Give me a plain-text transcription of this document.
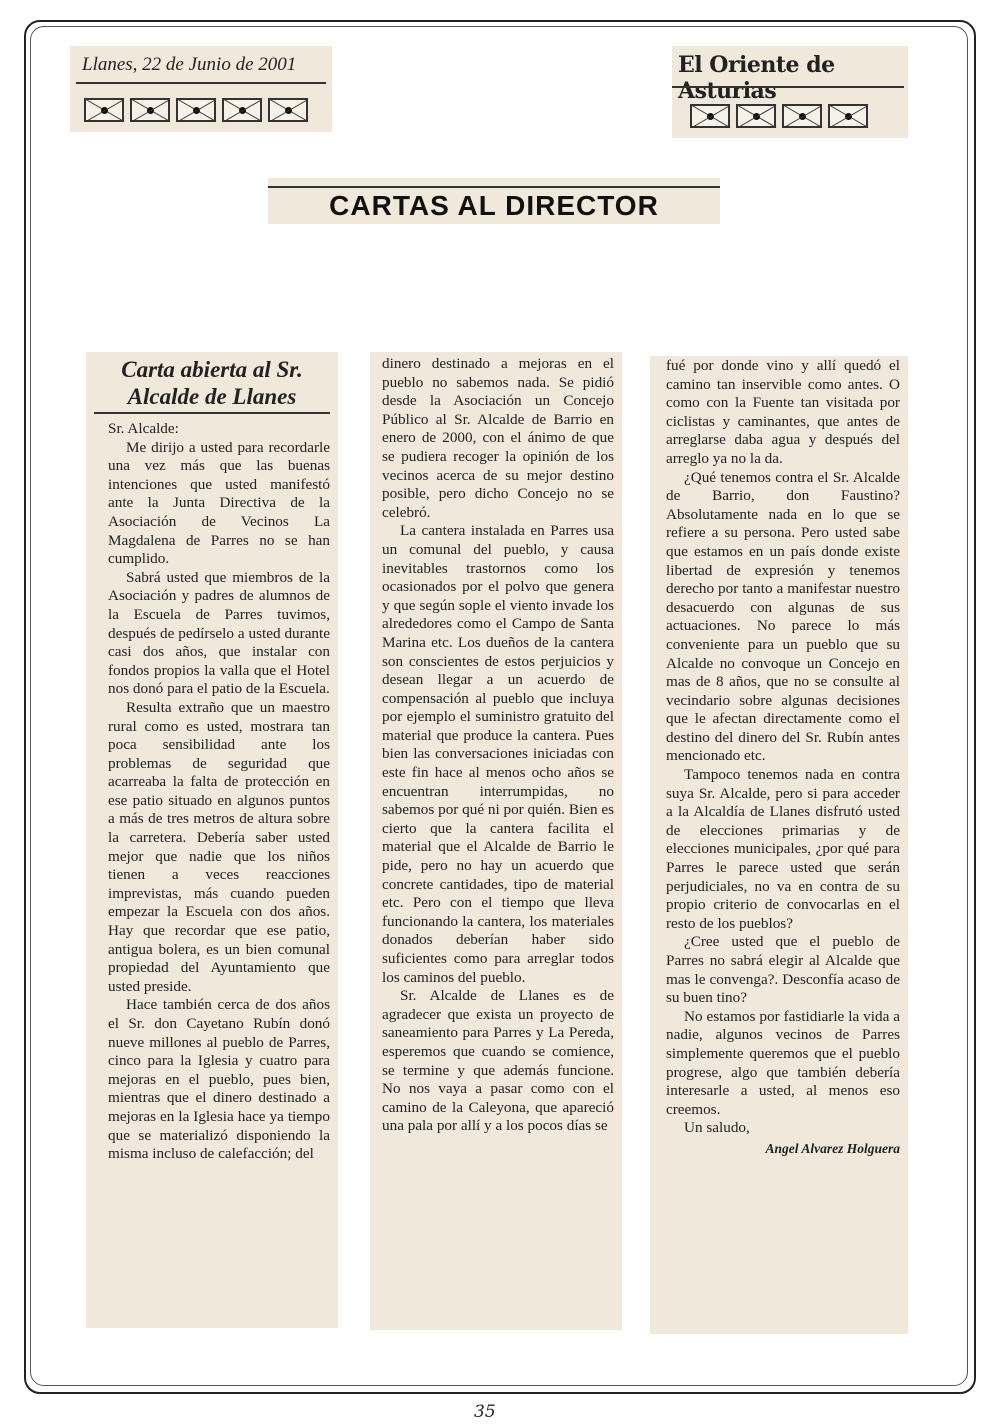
Llanes, 22 de Junio de 2001	El Oriente de Asturias
CARTAS AL DIRECTOR
Carta abierta al Sr. Alcalde de Llanes

Sr. Alcalde:

Me dirijo a usted para recordarle una vez más que las buenas intenciones que usted manifestó ante la Junta Directiva de la Asociación de Vecinos La Magdalena de Parres no se han cumplido.

Sabrá usted que miembros de la Asociación y padres de alumnos de la Escuela de Parres tuvimos, después de pedírselo a usted durante casi dos años, que instalar con fondos propios la valla que el Hotel nos donó para el patio de la Escuela.

Resulta extraño que un maestro rural como es usted, mostrara tan poca sensibilidad ante los problemas de seguridad que acarreaba la falta de protección en ese patio situado en algunos puntos a más de tres metros de altura sobre la carretera. Debería saber usted mejor que nadie que los niños tienen a veces reacciones imprevistas, más cuando pueden empezar la Escuela con dos años. Hay que recordar que ese patio, antigua bolera, es un bien comunal propiedad del Ayuntamiento que usted preside.

Hace también cerca de dos años el Sr. don Cayetano Rubín donó nueve millones al pueblo de Parres, cinco para la Iglesia y cuatro para mejoras en el pueblo, pues bien, mientras que el dinero destinado a mejoras en la Iglesia hace ya tiempo que se materializó disponiendo la misma incluso de calefacción; del

dinero destinado a mejoras en el pueblo no sabemos nada. Se pidió desde la Asociación un Concejo Público al Sr. Alcalde de Barrio en enero de 2000, con el ánimo de que se pudiera recoger la opinión de los vecinos acerca de su mejor destino posible, pero dicho Concejo no se celebró.

La cantera instalada en Parres usa un comunal del pueblo, y causa inevitables trastornos como los ocasionados por el polvo que genera y que según sople el viento invade los alrededores como el Campo de Santa Marina etc. Los dueños de la cantera son conscientes de estos perjuicios y desean llegar a un acuerdo de compensación al pueblo que incluya por ejemplo el suministro gratuito del material que produce la cantera. Pues bien las conversaciones iniciadas con este fin hace al menos ocho años se encuentran interrumpidas, no sabemos por qué ni por quién. Bien es cierto que la cantera facilita el material que el Alcalde de Barrio le pide, pero no hay un acuerdo que concrete cantidades, tipo de material etc. Pero con el tiempo que lleva funcionando la cantera, los materiales donados deberían haber sido suficientes como para arreglar todos los caminos del pueblo.

Sr. Alcalde de Llanes es de agradecer que exista un proyecto de saneamiento para Parres y La Pereda, esperemos que cuando se comience, se termine y que además funcione. No nos vaya a pasar como con el camino de la Caleyona, que apareció una pala por allí y a los pocos días se

fué por donde vino y allí quedó el camino tan inservible como antes. O como con la Fuente tan visitada por ciclistas y caminantes, que antes de arreglarse daba agua y después del arreglo ya no la da.

¿Qué tenemos contra el Sr. Alcalde de Barrio, don Faustino? Absolutamente nada en lo que se refiere a su persona. Pero usted sabe que estamos en un país donde existe libertad de expresión y tenemos derecho por tanto a manifestar nuestro desacuerdo con algunas de sus actuaciones. No parece lo más conveniente para un pueblo que su Alcalde no convoque un Concejo en mas de 8 años, que no se consulte al vecindario sobre algunas decisiones que le afectan directamente como el destino del dinero del Sr. Rubín antes mencionado etc.

Tampoco tenemos nada en contra suya Sr. Alcalde, pero si para acceder a la Alcaldía de Llanes disfrutó usted de elecciones primarias y de elecciones municipales, ¿por qué para Parres le parece usted que serán perjudiciales, no va en contra de su propio criterio de convocarlas en el resto de los pueblos?

¿Cree usted que el pueblo de Parres no sabrá elegir al Alcalde que mas le convenga?. Desconfía acaso de su buen tino?

No estamos por fastidiarle la vida a nadie, algunos vecinos de Parres simplemente queremos que el pueblo progrese, algo que también debería interesarle a usted, al menos eso creemos.

Un saludo,

Angel Alvarez Holguera
35
